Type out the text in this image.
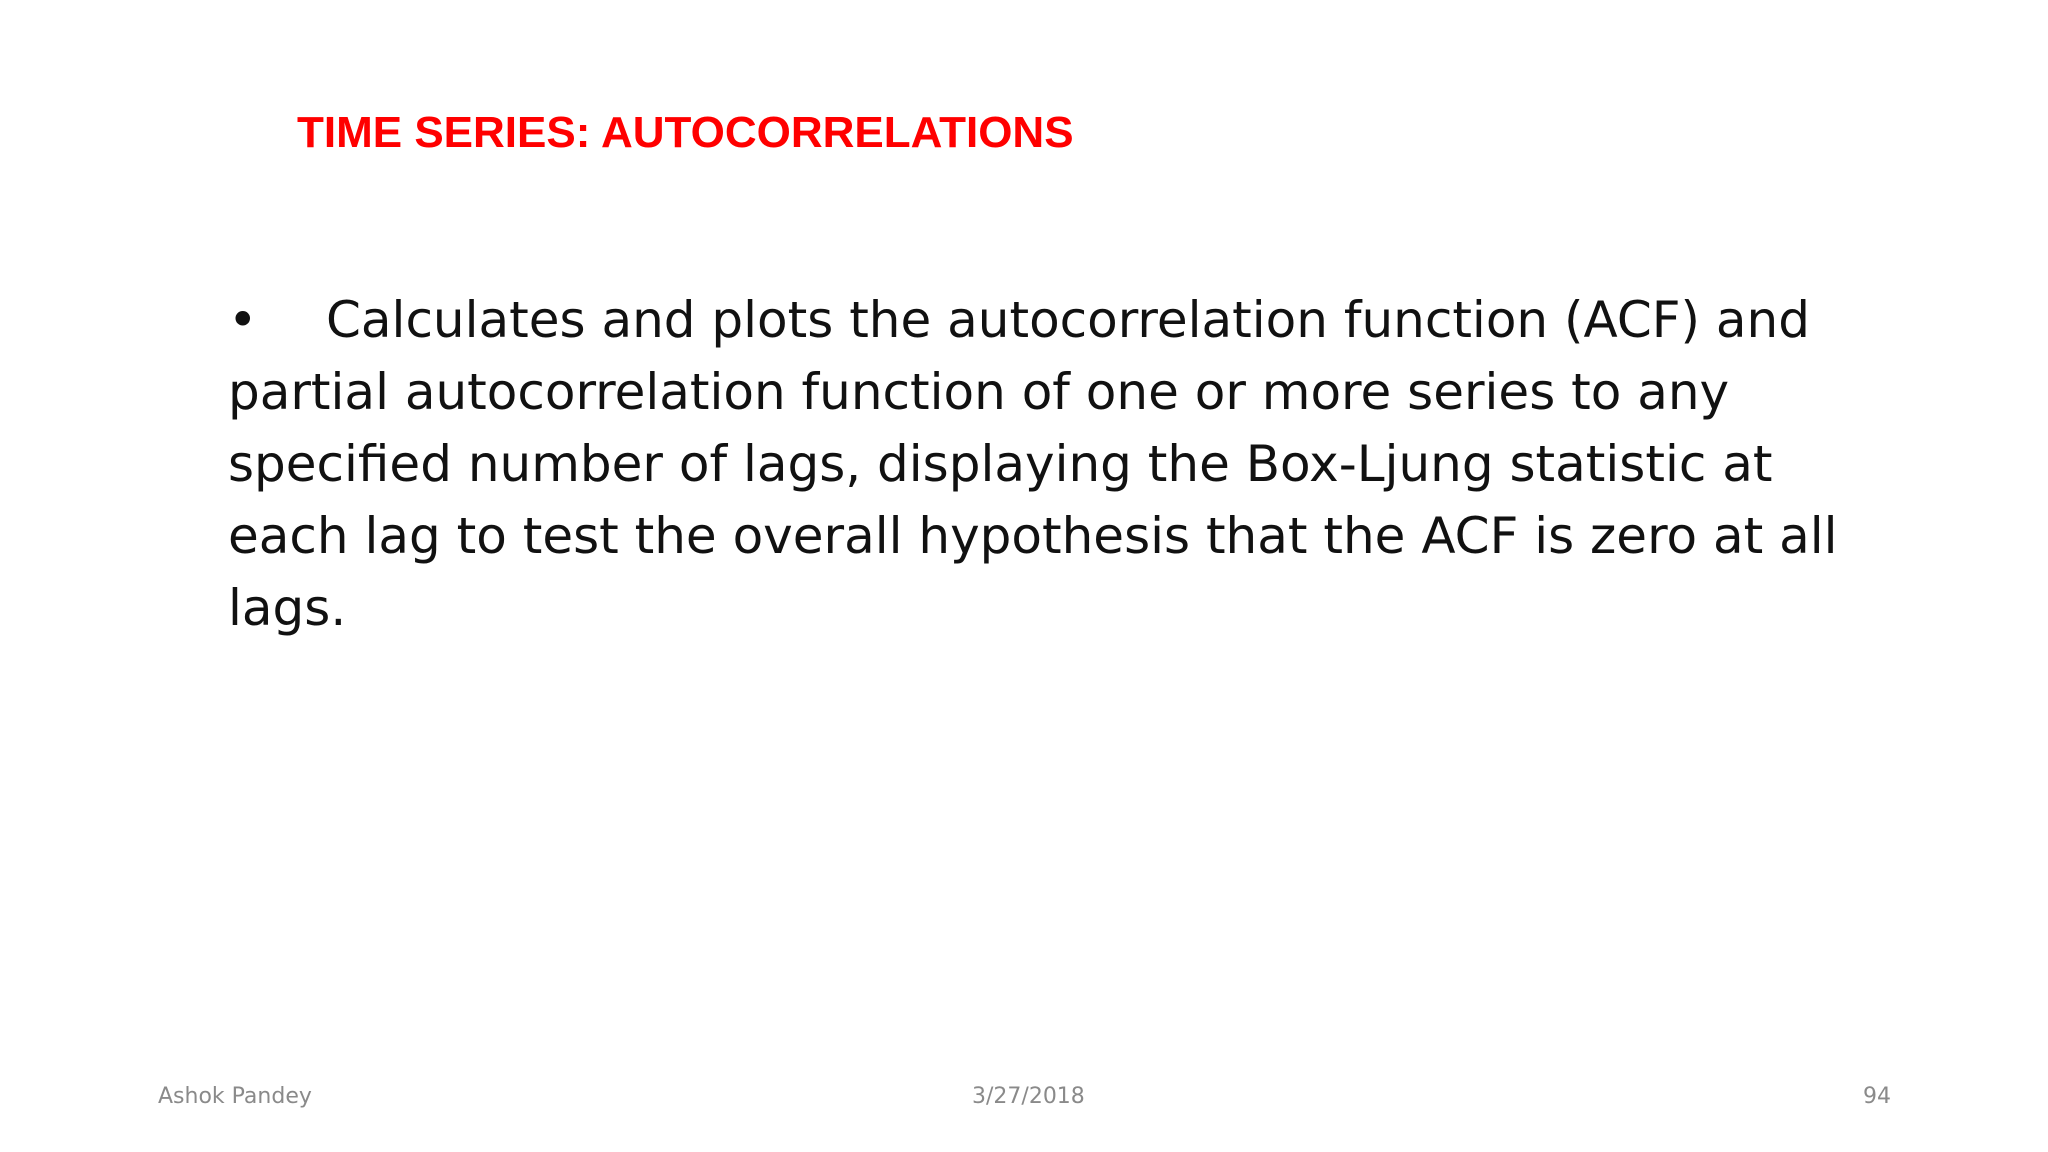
TIME SERIES: AUTOCORRELATIONS
• Calculates and plots the autocorrelation function (ACF) and partial autocorrelation function of one or more series to any specified number of lags, displaying the Box-Ljung statistic at each lag to test the overall hypothesis that the ACF is zero at all lags.
Ashok Pandey	3/27/2018	94
